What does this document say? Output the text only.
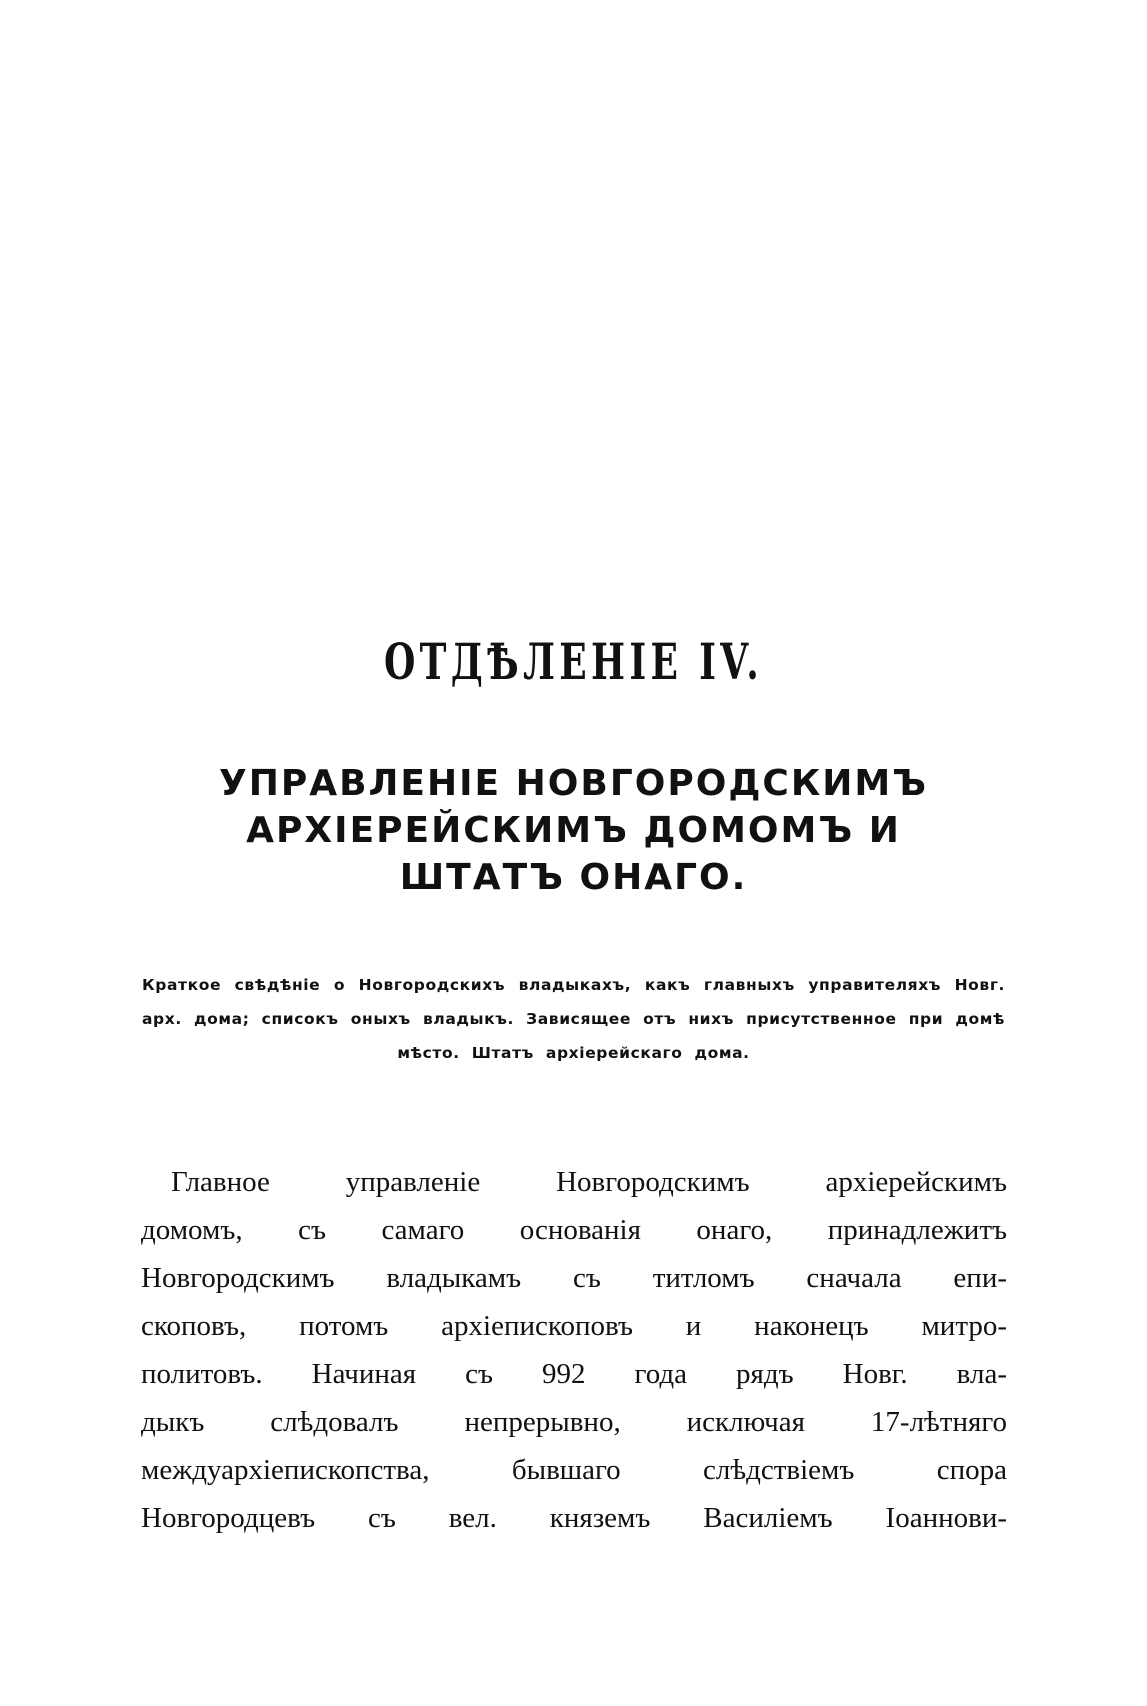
ОТДѢЛЕНІЕ IV.
УПРАВЛЕНІЕ НОВГОРОДСКИМЪ
АРХІЕРЕЙСКИМЪ ДОМОМЪ И
ШТАТЪ ОНАГО.

Краткое свѣдѣніе о Новгородскихъ владыкахъ, какъ главныхъ управителяхъ Новг. арх. дома; списокъ оныхъ владыкъ. Зависящее отъ нихъ присутственное при домѣ мѣсто. Штатъ архіерейскаго дома.

Главное управленіе Новгородскимъ архіерейскимъ
домомъ, съ самаго основанія онаго, принадлежитъ
Новгородскимъ владыкамъ съ титломъ сначала епи-
скоповъ, потомъ архіепископовъ и наконецъ митро-
политовъ. Начиная съ 992 года рядъ Новг. вла-
дыкъ слѣдовалъ непрерывно, исключая 17-лѣтняго
междуархіепископства, бывшаго слѣдствіемъ спора
Новгородцевъ съ вел. княземъ Василіемъ Іоаннови-
